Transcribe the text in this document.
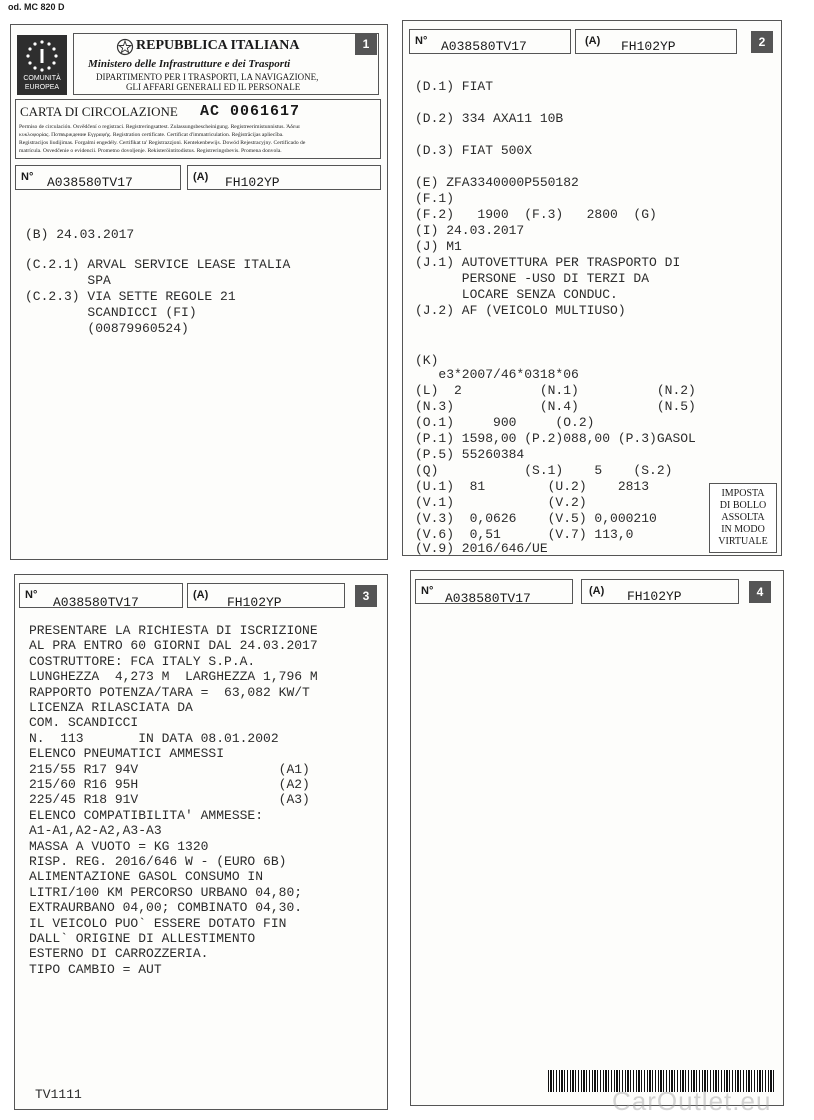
od. MC 820 D
COMUNITÀ
EUROPEA
REPUBBLICA ITALIANA
Ministero delle Infrastrutture e dei Trasporti
DIPARTIMENTO PER I TRASPORTI, LA NAVIGAZIONE,
GLI AFFARI GENERALI ED IL PERSONALE
1
CARTA DI CIRCOLAZIONE AC 0061617
Permiso de circulación. Osvědčení o registraci. Registreringsattest. Zulassungsbescheinigung. Registreerimistunnistus. Άδεια
κυκλοφορίας. Потвърждение Εγγραφής. Registration certificate. Certificat d'immatriculation. Reģistrācijas apliecība.
Registracijos liudijimas. Forgalmi engedély. Certifikat ta' Registrazzjoni. Kentekenbewijs. Dowód Rejestracyjny. Certificado de
matrícula. Osvedčenie o evidencii. Prometno dovoljenje. Rekisteröintitodistus. Registreringsbevis. Promena donvola.
N° A038580TV17	(A) FH102YP
(B) 24.03.2017
(C.2.1) ARVAL SERVICE LEASE ITALIA
SPA
(C.2.3) VIA SETTE REGOLE 21
SCANDICCI (FI)
(00879960524)
N° A038580TV17	(A) FH102YP	2
(D.1) FIAT
(D.2) 334 AXA11 10B
(D.3) FIAT 500X
(E) ZFA3340000P550182
(F.1)
(F.2)   1900  (F.3)   2800  (G)
(I) 24.03.2017
(J) M1
(J.1) AUTOVETTURA PER TRASPORTO DI
PERSONE -USO DI TERZI DA
LOCARE SENZA CONDUC.
(J.2) AF (VEICOLO MULTIUSO)
(K)
e3*2007/46*0318*06
(L)  2          (N.1)          (N.2)
(N.3)           (N.4)          (N.5)
(O.1)     900     (O.2)
(P.1) 1598,00 (P.2)088,00 (P.3)GASOL
(P.5) 55260384
(Q)           (S.1)    5    (S.2)
(U.1)  81        (U.2)    2813
(V.1)            (V.2)
(V.3)  0,0626    (V.5) 0,000210
(V.6)  0,51      (V.7) 113,0
(V.9) 2016/646/UE
IMPOSTA
DI BOLLO
ASSOLTA
IN MODO
VIRTUALE
N° A038580TV17	(A) FH102YP	3
PRESENTARE LA RICHIESTA DI ISCRIZIONE
AL PRA ENTRO 60 GIORNI DAL 24.03.2017
COSTRUTTORE: FCA ITALY S.P.A.
LUNGHEZZA  4,273 M  LARGHEZZA 1,796 M
RAPPORTO POTENZA/TARA =  63,082 KW/T
LICENZA RILASCIATA DA
COM. SCANDICCI
N.  113       IN DATA 08.01.2002
ELENCO PNEUMATICI AMMESSI
215/55 R17 94V                  (A1)
215/60 R16 95H                  (A2)
225/45 R18 91V                  (A3)
ELENCO COMPATIBILITA' AMMESSE:
A1-A1,A2-A2,A3-A3
MASSA A VUOTO = KG 1320
RISP. REG. 2016/646 W - (EURO 6B)
ALIMENTAZIONE GASOL CONSUMO IN
LITRI/100 KM PERCORSO URBANO 04,80;
EXTRAURBANO 04,00; COMBINATO 04,30.
IL VEICOLO PUO` ESSERE DOTATO FIN
DALL` ORIGINE DI ALLESTIMENTO
ESTERNO DI CARROZZERIA.
TIPO CAMBIO = AUT
TV1111
N° A038580TV17	(A) FH102YP	4
CarOutlet.eu
